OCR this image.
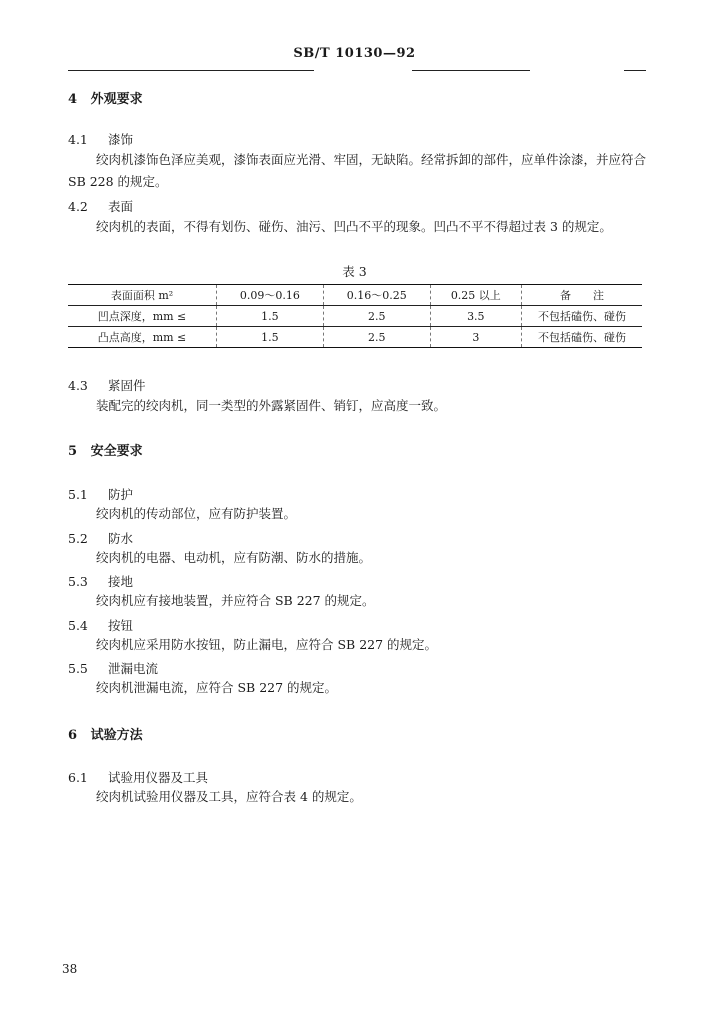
SB/T 10130—92
4 外观要求
4.1 漆饰
绞肉机漆饰色泽应美观，漆饰表面应光滑、牢固，无缺陷。经常拆卸的部件，应单件涂漆，并应符合 SB 228 的规定。
4.2 表面
绞肉机的表面，不得有划伤、碰伤、油污、凹凸不平的现象。凹凸不平不得超过表 3 的规定。
表 3
表面面积 m²	0.09～0.16	0.16～0.25	0.25 以上	备　　注
凹点深度，mm ≤	1.5	2.5	3.5	不包括磕伤、碰伤
凸点高度，mm ≤	1.5	2.5	3	不包括磕伤、碰伤
4.3 紧固件
装配完的绞肉机，同一类型的外露紧固件、销钉，应高度一致。
5 安全要求
5.1 防护
绞肉机的传动部位，应有防护装置。
5.2 防水
绞肉机的电器、电动机，应有防潮、防水的措施。
5.3 接地
绞肉机应有接地装置，并应符合 SB 227 的规定。
5.4 按钮
绞肉机应采用防水按钮，防止漏电，应符合 SB 227 的规定。
5.5 泄漏电流
绞肉机泄漏电流，应符合 SB 227 的规定。
6 试验方法
6.1 试验用仪器及工具
绞肉机试验用仪器及工具，应符合表 4 的规定。
38
